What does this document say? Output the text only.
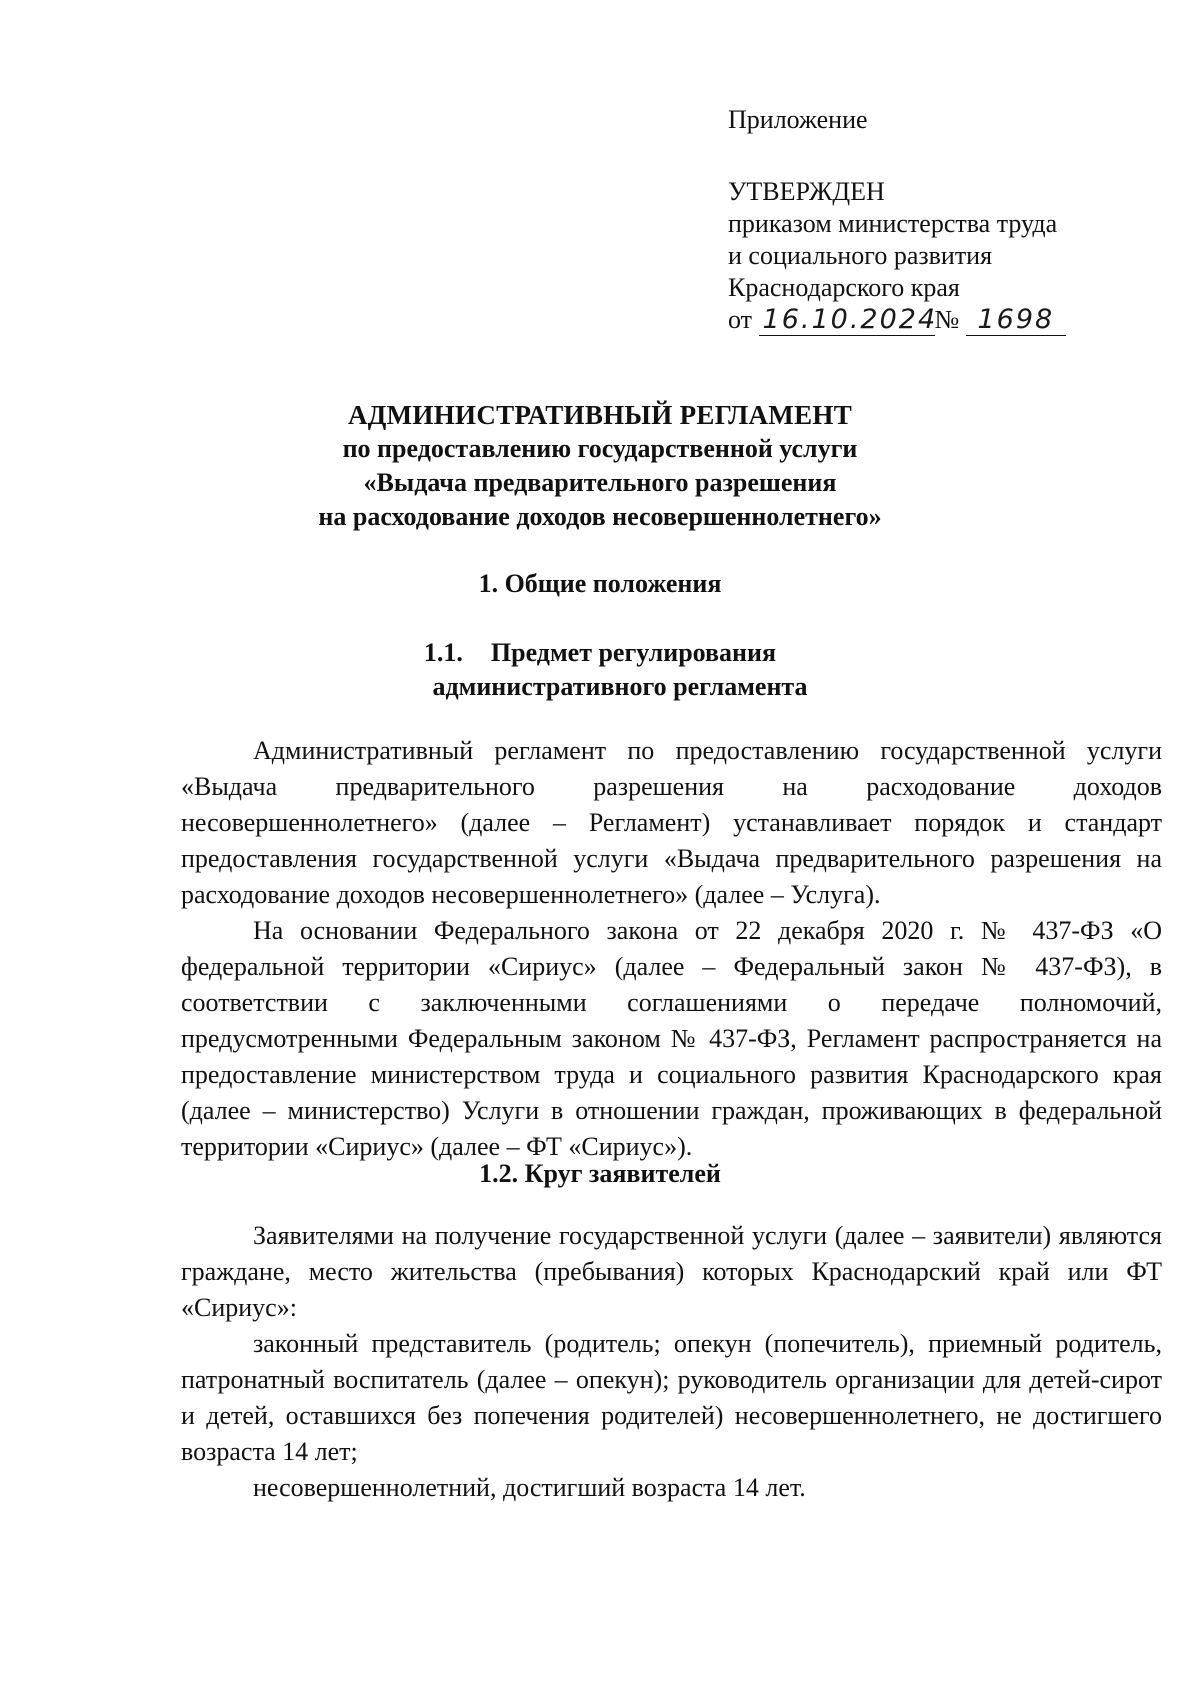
Приложение
УТВЕРЖДЕН
приказом министерства труда
и социального развития
Краснодарского края
от 16.10.2024№ 1698
АДМИНИСТРАТИВНЫЙ РЕГЛАМЕНТ
по предоставлению государственной услуги
«Выдача предварительного разрешения
на расходование доходов несовершеннолетнего»
1. Общие положения
1.1. Предмет регулирования
административного регламента

Административный регламент по предоставлению государственной услуги «Выдача предварительного разрешения на расходование доходов несовершеннолетнего» (далее – Регламент) устанавливает порядок и стандарт предоставления государственной услуги «Выдача предварительного разрешения на расходование доходов несовершеннолетнего» (далее – Услуга).

На основании Федерального закона от 22 декабря 2020 г. № 437-ФЗ «О федеральной территории «Сириус» (далее – Федеральный закон № 437-ФЗ), в соответствии с заключенными соглашениями о передаче полномочий, предусмотренными Федеральным законом № 437-ФЗ, Регламент распространяется на предоставление министерством труда и социального развития Краснодарского края (далее – министерство) Услуги в отношении граждан, проживающих в федеральной территории «Сириус» (далее – ФТ «Сириус»).

1.2. Круг заявителей

Заявителями на получение государственной услуги (далее – заявители) являются граждане, место жительства (пребывания) которых Краснодарский край или ФТ «Сириус»:

законный представитель (родитель; опекун (попечитель), приемный родитель, патронатный воспитатель (далее – опекун); руководитель организации для детей-сирот и детей, оставшихся без попечения родителей) несовершеннолетнего, не достигшего возраста 14 лет;

несовершеннолетний, достигший возраста 14 лет.
